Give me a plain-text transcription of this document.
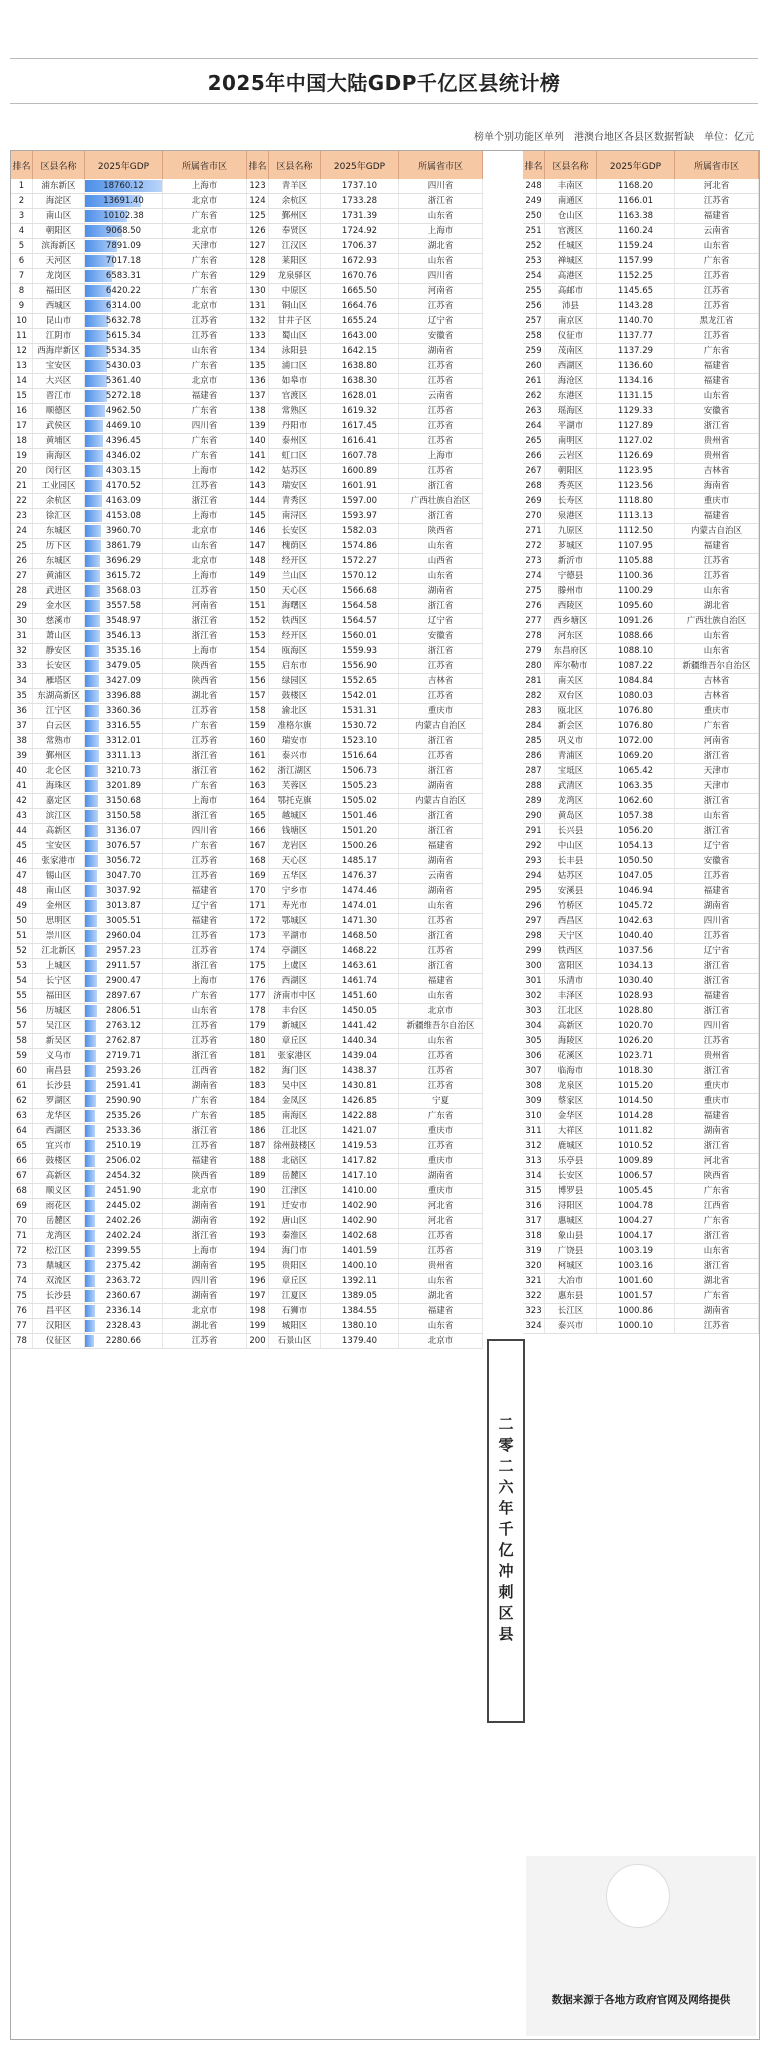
2025年中国大陆GDP千亿区县统计榜
榜单个别功能区单列 港澳台地区各县区数据暂缺 单位：亿元
排名	区县名称	2025年GDP	所属省市区
1	浦东新区	18760.12	上海市
2	海淀区	13691.40	北京市
3	南山区	10102.38	广东省
4	朝阳区	9068.50	北京市
5	滨海新区	7891.09	天津市
6	天河区	7017.18	广东省
7	龙岗区	6583.31	广东省
8	福田区	6420.22	广东省
9	西城区	6314.00	北京市
10	昆山市	5632.78	江苏省
11	江阴市	5615.34	江苏省
12	西海岸新区	5534.35	山东省
13	宝安区	5430.03	广东省
14	大兴区	5361.40	北京市
15	晋江市	5272.18	福建省
16	顺德区	4962.50	广东省
17	武侯区	4469.10	四川省
18	黄埔区	4396.45	广东省
19	南海区	4346.02	广东省
20	闵行区	4303.15	上海市
21	工业园区	4170.52	江苏省
22	余杭区	4163.09	浙江省
23	徐汇区	4153.08	上海市
24	东城区	3960.70	北京市
25	历下区	3861.79	山东省
26	东城区	3696.29	北京市
27	黄浦区	3615.72	上海市
28	武进区	3568.03	江苏省
29	金水区	3557.58	河南省
30	慈溪市	3548.97	浙江省
31	萧山区	3546.13	浙江省
32	静安区	3535.16	上海市
33	长安区	3479.05	陕西省
34	雁塔区	3427.09	陕西省
35	东湖高新区	3396.88	湖北省
36	江宁区	3360.36	江苏省
37	白云区	3316.55	广东省
38	常熟市	3312.01	江苏省
39	鄞州区	3311.13	浙江省
40	北仑区	3210.73	浙江省
41	海珠区	3201.89	广东省
42	嘉定区	3150.68	上海市
43	滨江区	3150.58	浙江省
44	高新区	3136.07	四川省
45	宝安区	3076.57	广东省
46	张家港市	3056.72	江苏省
47	锡山区	3047.70	江苏省
48	南山区	3037.92	福建省
49	金州区	3013.87	辽宁省
50	思明区	3005.51	福建省
51	崇川区	2960.04	江苏省
52	江北新区	2957.23	江苏省
53	上城区	2911.57	浙江省
54	长宁区	2900.47	上海市
55	福田区	2897.67	广东省
56	历城区	2806.51	山东省
57	吴江区	2763.12	江苏省
58	新吴区	2762.87	江苏省
59	义乌市	2719.71	浙江省
60	南昌县	2593.26	江西省
61	长沙县	2591.41	湖南省
62	罗湖区	2590.90	广东省
63	龙华区	2535.26	广东省
64	西湖区	2533.36	浙江省
65	宜兴市	2510.19	江苏省
66	鼓楼区	2506.02	福建省
67	高新区	2454.32	陕西省
68	顺义区	2451.90	北京市
69	雨花区	2445.02	湖南省
70	岳麓区	2402.26	湖南省
71	龙湾区	2402.24	浙江省
72	松江区	2399.55	上海市
73	鼎城区	2375.42	湖南省
74	双流区	2363.72	四川省
75	长沙县	2360.67	湖南省
76	昌平区	2336.14	北京市
77	汉阳区	2328.43	湖北省
78	仪征区	2280.66	江苏省
排名	区县名称	2025年GDP	所属省市区
123	青羊区	1737.10	四川省
124	余杭区	1733.28	浙江省
125	鄞州区	1731.39	山东省
126	奉贤区	1724.92	上海市
127	江汉区	1706.37	湖北省
128	莱阳区	1672.93	山东省
129	龙泉驿区	1670.76	四川省
130	中原区	1665.50	河南省
131	铜山区	1664.76	江苏省
132	甘井子区	1655.24	辽宁省
133	蜀山区	1643.00	安徽省
134	泳阳县	1642.15	湖南省
135	浦口区	1638.80	江苏省
136	如皋市	1638.30	江苏省
137	官渡区	1628.01	云南省
138	常熟区	1619.32	江苏省
139	丹阳市	1617.45	江苏省
140	泰州区	1616.41	江苏省
141	虹口区	1607.78	上海市
142	姑苏区	1600.89	江苏省
143	瑞安区	1601.91	浙江省
144	青秀区	1597.00	广西壮族自治区
145	南浔区	1593.97	浙江省
146	长安区	1582.03	陕西省
147	槐荫区	1574.86	山东省
148	经开区	1572.27	山西省
149	兰山区	1570.12	山东省
150	天心区	1566.68	湖南省
151	海曙区	1564.58	浙江省
152	铁西区	1564.57	辽宁省
153	经开区	1560.01	安徽省
154	瓯海区	1559.93	浙江省
155	启东市	1556.90	江苏省
156	绿园区	1552.65	吉林省
157	鼓楼区	1542.01	江苏省
158	渝北区	1531.31	重庆市
159	准格尔旗	1530.72	内蒙古自治区
160	瑞安市	1523.10	浙江省
161	泰兴市	1516.64	江苏省
162	浙江湖区	1506.73	浙江省
163	芙蓉区	1505.23	湖南省
164	鄂托克旗	1505.02	内蒙古自治区
165	越城区	1501.46	浙江省
166	钱塘区	1501.20	浙江省
167	龙岩区	1500.26	福建省
168	天心区	1485.17	湖南省
169	五华区	1476.37	云南省
170	宁乡市	1474.46	湖南省
171	寿光市	1474.01	山东省
172	鄂城区	1471.30	江苏省
173	平湖市	1468.50	浙江省
174	亭湖区	1468.22	江苏省
175	上虞区	1463.61	浙江省
176	西湖区	1461.74	福建省
177 济南市中区	1451.60	山东省
178	丰台区	1450.05	北京市
179	新城区	1441.42	新疆维吾尔自治区
180	章丘区	1440.34	山东省
181	张家港区	1439.04	江苏省
182	海门区	1438.37	江苏省
183	吴中区	1430.81	江苏省
184	金凤区	1426.85	宁夏
185	南海区	1422.88	广东省
186	江北区	1421.07	重庆市
187 徐州鼓楼区	1419.53	江苏省
188	北碚区	1417.82	重庆市
189	岳麓区	1417.10	湖南省
190	江津区	1410.00	重庆市
191	迁安市	1402.90	河北省
192	唐山区	1402.90	河北省
193	秦淮区	1402.68	江苏省
194	海门市	1401.59	江苏省
195	贵阳区	1400.10	贵州省
196	章丘区	1392.11	山东省
197	江夏区	1389.05	湖北省
198	石狮市	1384.55	福建省
199	城阳区	1380.10	山东省
200	石景山区	1379.40	北京市
排名	区县名称	2025年GDP	所属省市区
248	丰南区	1168.20	河北省
249	南通区	1166.01	江苏省
250	仓山区	1163.38	福建省
251	官渡区	1160.24	云南省
252	任城区	1159.24	山东省
253	禅城区	1157.99	广东省
254	高港区	1152.25	江苏省
255	高邮市	1145.65	江苏省
256	沛县	1143.28	江苏省
257	南京区	1140.70	黑龙江省
258	仪征市	1137.77	江苏省
259	茂南区	1137.29	广东省
260	西湖区	1136.60	福建省
261	海沧区	1134.16	福建省
262	东港区	1131.15	山东省
263	瑶海区	1129.33	安徽省
264	平湖市	1127.89	浙江省
265	南明区	1127.02	贵州省
266	云岩区	1126.69	贵州省
267	朝阳区	1123.95	吉林省
268	秀英区	1123.56	海南省
269	长寿区	1118.80	重庆市
270	泉港区	1113.13	福建省
271	九原区	1112.50	内蒙古自治区
272	芗城区	1107.95	福建省
273	新沂市	1105.88	江苏省
274	宁德县	1100.36	江苏省
275	滕州市	1100.29	山东省
276	西陵区	1095.60	湖北省
277	西乡塘区	1091.26	广西壮族自治区
278	河东区	1088.66	山东省
279	东昌府区	1088.10	山东省
280	库尔勒市	1087.22	新疆维吾尔自治区
281	南关区	1084.84	吉林省
282	双台区	1080.03	吉林省
283	瓯北区	1076.80	重庆市
284	新会区	1076.80	广东省
285	巩义市	1072.00	河南省
286	青浦区	1069.20	浙江省
287	宝坻区	1065.42	天津市
288	武清区	1063.35	天津市
289	龙湾区	1062.60	浙江省
290	黄岛区	1057.38	山东省
291	长兴县	1056.20	浙江省
292	中山区	1054.13	辽宁省
293	长丰县	1050.50	安徽省
294	姑苏区	1047.05	江苏省
295	安溪县	1046.94	福建省
296	竹桥区	1045.72	湖南省
297	西昌区	1042.63	四川省
298	天宁区	1040.40	江苏省
299	铁西区	1037.56	辽宁省
300	富阳区	1034.13	浙江省
301	乐清市	1030.40	浙江省
302	丰泽区	1028.93	福建省
303	江北区	1028.80	浙江省
304	高新区	1020.70	四川省
305	海陵区	1026.20	江苏省
306	花溪区	1023.71	贵州省
307	临海市	1018.30	浙江省
308	龙泉区	1015.20	重庆市
309	蔡家区	1014.50	重庆市
310	金华区	1014.28	福建省
311	大祥区	1011.82	湖南省
312	鹿城区	1010.52	浙江省
313	乐亭县	1009.89	河北省
314	长安区	1006.57	陕西省
315	博罗县	1005.45	广东省
316	浔阳区	1004.78	江西省
317	惠城区	1004.27	广东省
318	象山县	1004.17	浙江省
319	广饶县	1003.19	山东省
320	柯城区	1003.16	浙江省
321	大冶市	1001.60	湖北省
322	惠东县	1001.57	广东省
323	长江区	1000.86	湖南省
324	泰兴市	1000.10	江苏省
二零二六年千亿冲刺区县
数据来源于各地方政府官网及网络提供
